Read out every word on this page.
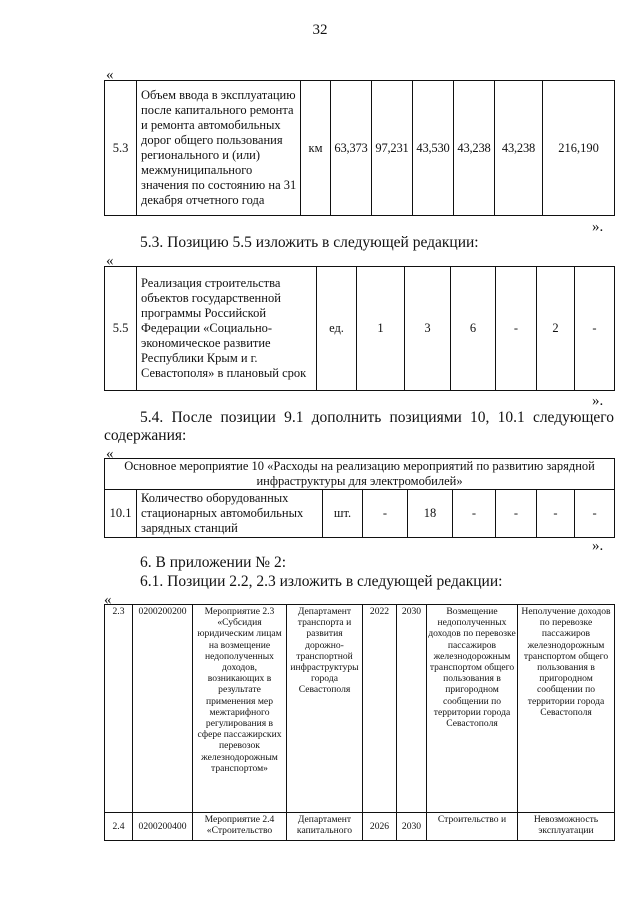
32
«
5.3	Объем ввода в эксплуатацию после капитального ремонта и ремонта автомобильных дорог общего пользования регионального и (или) межмуниципального значения по состоянию на 31 декабря отчетного года	км	63,373	97,231	43,530	43,238	43,238	216,190
».
5.3. Позицию 5.5 изложить в следующей редакции:
«
5.5	Реализация строительства объектов государственной программы Российской Федерации «Социально-экономическое развитие Республики Крым и г. Севастополя» в плановый срок	ед.	1	3	6	-	2	-
».
5.4. После позиции 9.1 дополнить позициями 10, 10.1 следующего
содержания:
«
Основное мероприятие 10 «Расходы на реализацию мероприятий по развитию зарядной инфраструктуры для электромобилей»
10.1	Количество оборудованных стационарных автомобильных зарядных станций	шт.	-	18	-	-	-	-
».
6. В приложении № 2:
6.1. Позиции 2.2, 2.3 изложить в следующей редакции:
«
2.3	0200200200	Мероприятие 2.3 «Субсидия юридическим лицам на возмещение недополученных доходов, возникающих в результате применения мер межтарифного регулирования в сфере пассажирских перевозок железнодорожным транспортом»	Департамент транспорта и развития дорожно-транспортной инфраструктуры города Севастополя	2022	2030	Возмещение недополученных доходов по перевозке пассажиров железнодорожным транспортом общего пользования в пригородном сообщении по территории города Севастополя	Неполучение доходов по перевозке пассажиров железнодорожным транспортом общего пользования в пригородном сообщении по территории города Севастополя
2.4	0200200400	Мероприятие 2.4 «Строительство	Департамент капитального	2026	2030	Строительство и	Невозможность эксплуатации
